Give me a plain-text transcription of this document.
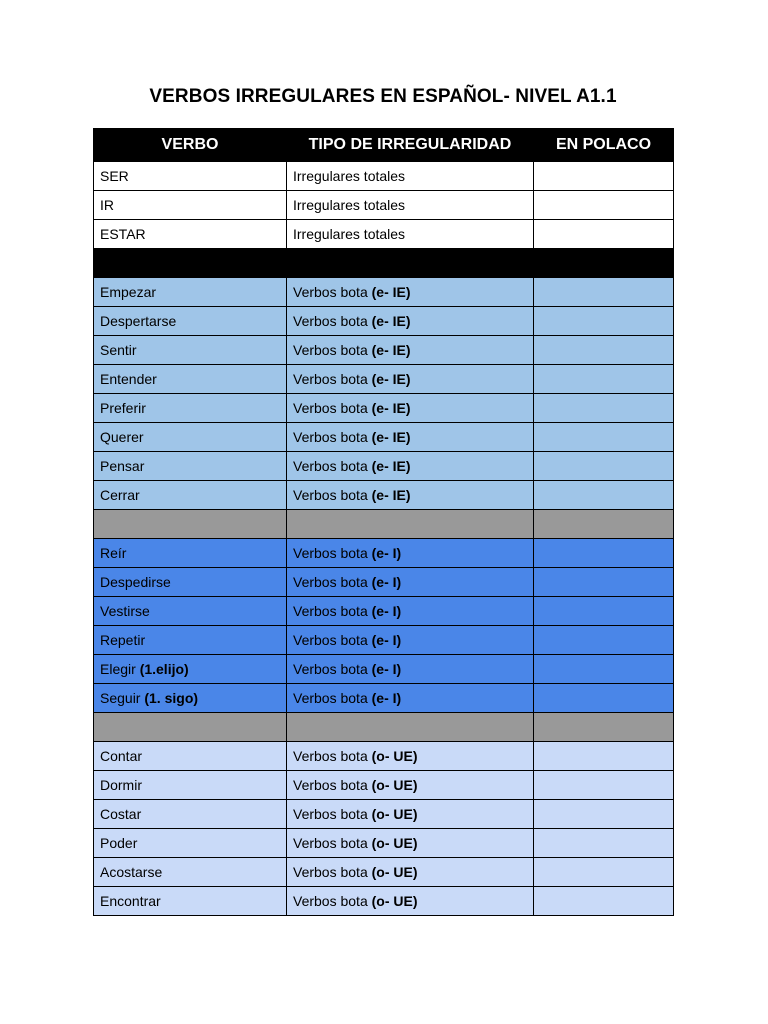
VERBOS IRREGULARES EN ESPAÑOL- NIVEL A1.1
VERBO	TIPO DE IRREGULARIDAD	EN POLACO
SER	Irregulares totales	
IR	Irregulares totales	
ESTAR	Irregulares totales	

Empezar	Verbos bota (e- IE)	
Despertarse	Verbos bota (e- IE)	
Sentir	Verbos bota (e- IE)	
Entender	Verbos bota (e- IE)	
Preferir	Verbos bota (e- IE)	
Querer	Verbos bota (e- IE)	
Pensar	Verbos bota (e- IE)	
Cerrar	Verbos bota (e- IE)	

Reír	Verbos bota (e- I)	
Despedirse	Verbos bota (e- I)	
Vestirse	Verbos bota (e- I)	
Repetir	Verbos bota (e- I)	
Elegir (1.elijo)	Verbos bota (e- I)	
Seguir (1. sigo)	Verbos bota (e- I)	

Contar	Verbos bota (o- UE)	
Dormir	Verbos bota (o- UE)	
Costar	Verbos bota (o- UE)	
Poder	Verbos bota (o- UE)	
Acostarse	Verbos bota (o- UE)	
Encontrar	Verbos bota (o- UE)	
